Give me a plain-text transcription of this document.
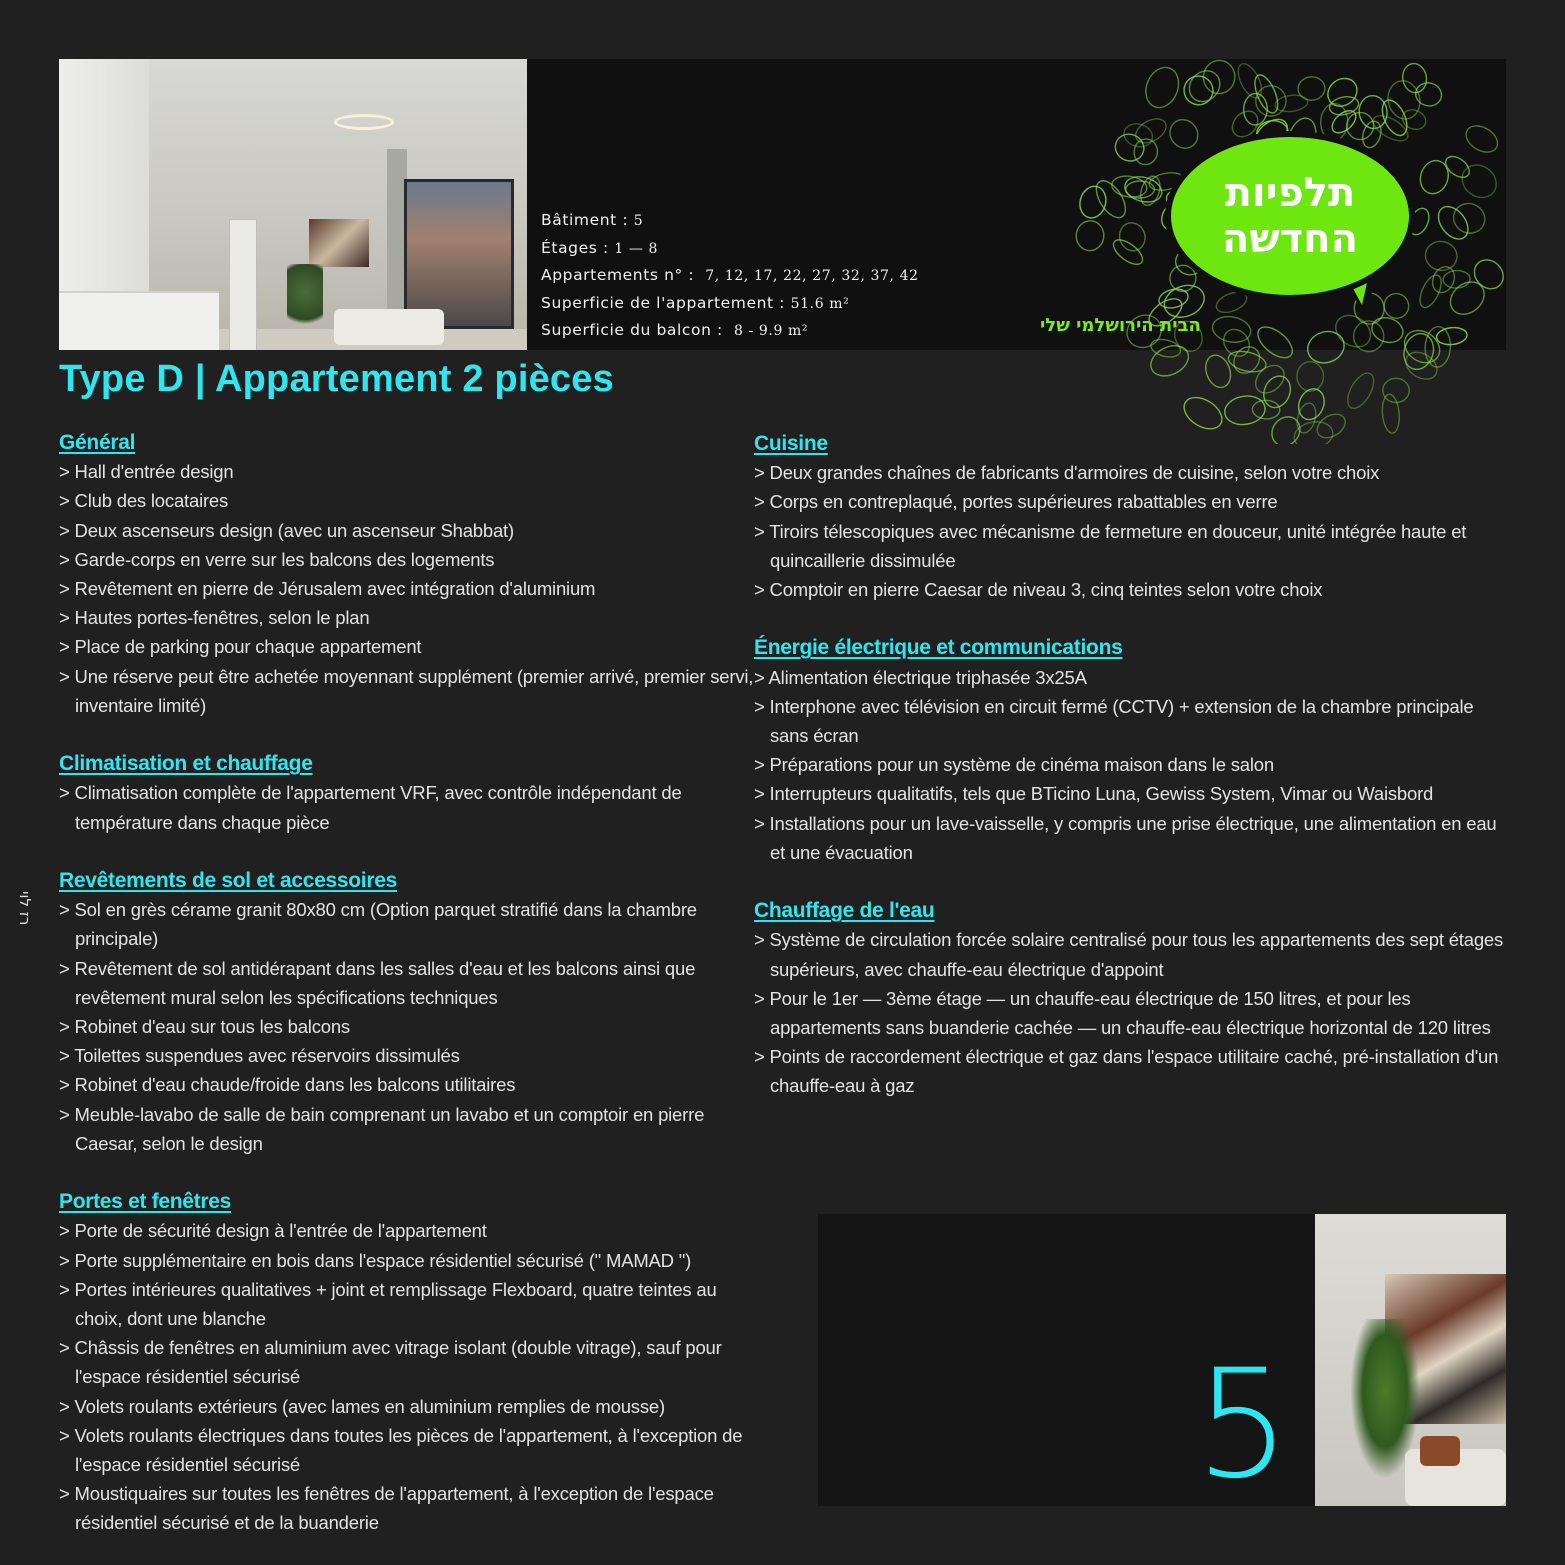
Bâtiment : 5
Étages : 1 — 8
Appartements n° : 7, 12, 17, 22, 27, 32, 37, 42
Superficie de l'appartement : 51.6 m²
Superficie du balcon : 8 - 9.9 m²
תלפיות
החדשה
הבית הירושלמי שלי
Type D | Appartement 2 pièces
Général
> Hall d'entrée design
> Club des locataires
> Deux ascenseurs design (avec un ascenseur Shabbat)
> Garde-corps en verre sur les balcons des logements
> Revêtement en pierre de Jérusalem avec intégration d'aluminium
> Hautes portes-fenêtres, selon le plan
> Place de parking pour chaque appartement
> Une réserve peut être achetée moyennant supplément (premier arrivé, premier servi, inventaire limité)
Climatisation et chauffage
> Climatisation complète de l'appartement VRF, avec contrôle indépendant de température dans chaque pièce
Revêtements de sol et accessoires
> Sol en grès cérame granit 80x80 cm (Option parquet stratifié dans la chambre principale)
> Revêtement de sol antidérapant dans les salles d'eau et les balcons ainsi que revêtement mural selon les spécifications techniques
> Robinet d'eau sur tous les balcons
> Toilettes suspendues avec réservoirs dissimulés
> Robinet d'eau chaude/froide dans les balcons utilitaires
> Meuble-lavabo de salle de bain comprenant un lavabo et un comptoir en pierre Caesar, selon le design
Portes et fenêtres
> Porte de sécurité design à l'entrée de l'appartement
> Porte supplémentaire en bois dans l'espace résidentiel sécurisé (" MAMAD ")
> Portes intérieures qualitatives + joint et remplissage Flexboard, quatre teintes au choix, dont une blanche
> Châssis de fenêtres en aluminium avec vitrage isolant (double vitrage), sauf pour l'espace résidentiel sécurisé
> Volets roulants extérieurs (avec lames en aluminium remplies de mousse)
> Volets roulants électriques dans toutes les pièces de l'appartement, à l'exception de l'espace résidentiel sécurisé
> Moustiquaires sur toutes les fenêtres de l'appartement, à l'exception de l'espace résidentiel sécurisé et de la buanderie
Cuisine
> Deux grandes chaînes de fabricants d'armoires de cuisine, selon votre choix
> Corps en contreplaqué, portes supérieures rabattables en verre
> Tiroirs télescopiques avec mécanisme de fermeture en douceur, unité intégrée haute et quincaillerie dissimulée
> Comptoir en pierre Caesar de niveau 3, cinq teintes selon votre choix
Énergie électrique et communications
> Alimentation électrique triphasée 3x25A
> Interphone avec télévision en circuit fermé (CCTV) + extension de la chambre principale sans écran
> Préparations pour un système de cinéma maison dans le salon
> Interrupteurs qualitatifs, tels que BTicino Luna, Gewiss System, Vimar ou Waisbord
> Installations pour un lave-vaisselle, y compris une prise électrique, une alimentation en eau et une évacuation
Chauffage de l'eau
> Système de circulation forcée solaire centralisé pour tous les appartements des sept étages supérieurs, avec chauffe-eau électrique d'appoint
> Pour le 1er — 3ème étage — un chauffe-eau électrique de 150 litres, et pour les appartements sans buanderie cachée — un chauffe-eau électrique horizontal de 120 litres
> Points de raccordement électrique et gaz dans l'espace utilitaire caché, pré-installation d'un chauffe-eau à gaz
5
רז לוי
